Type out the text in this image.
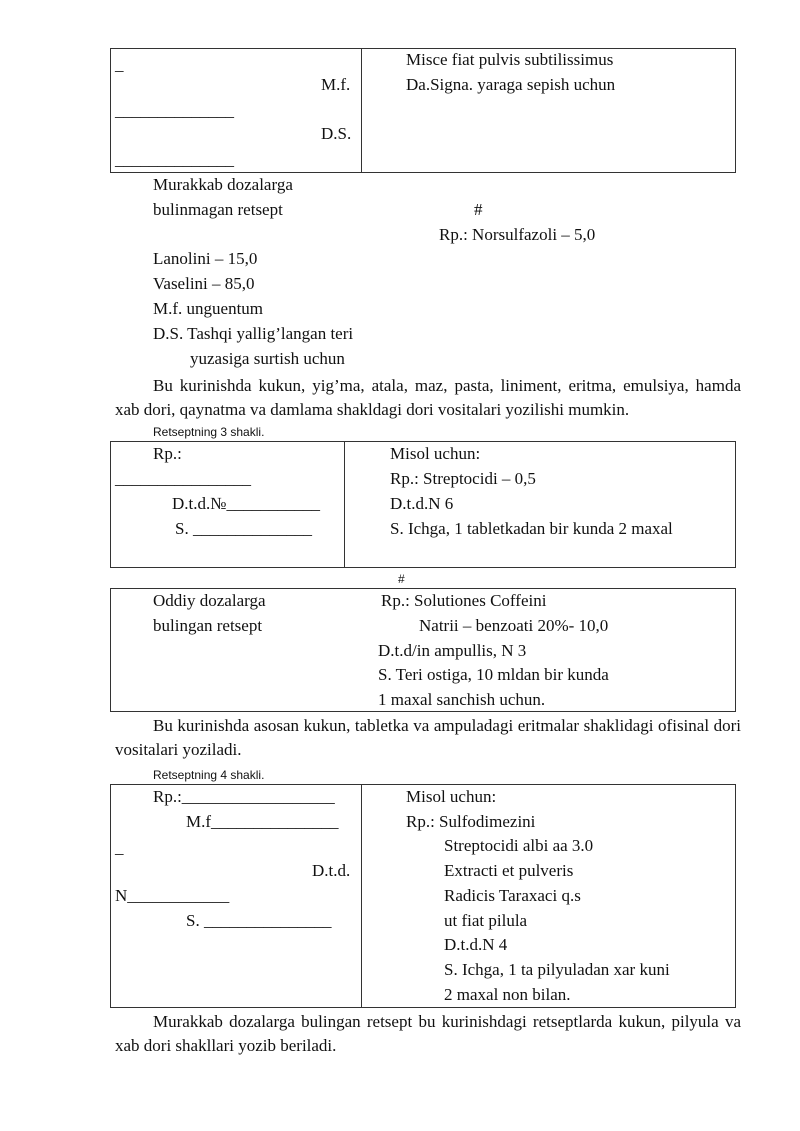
_
M.f.
______________
D.S.
______________
Misce fiat pulvis subtilissimus
Da.Signa. yaraga sepish uchun
Murakkab dozalarga
bulinmagan retsept	#
Rp.: Norsulfazoli – 5,0
Lanolini – 15,0
Vaselini – 85,0
M.f. unguentum
D.S. Tashqi yallig’langan teri
yuzasiga surtish uchun
Bu kurinishda kukun, yig’ma, atala, maz, pasta, liniment, eritma, emulsiya, hamda xab dori, qaynatma va damlama shakldagi dori vositalari yozilishi mumkin.
Retseptning 3 shakli.
Rp.:
________________
D.t.d.№___________
S. ______________
Misol uchun:
Rp.: Streptocidi – 0,5
D.t.d.N 6
S. Ichga, 1 tabletkadan bir kunda 2 maxal
#
Oddiy dozalarga
bulingan retsept
Rp.: Solutiones Coffeini
Natrii – benzoati 20%- 10,0
D.t.d/in ampullis, N 3
S. Teri ostiga, 10 mldan bir kunda
1 maxal sanchish uchun.
Bu kurinishda asosan kukun, tabletka va ampuladagi eritmalar shaklidagi ofisinal dori vositalari yoziladi.
Retseptning 4 shakli.
Rp.:__________________
M.f_______________
_
D.t.d.
N____________
S. _______________
Misol uchun:
Rp.: Sulfodimezini
Streptocidi albi aa 3.0
Extracti et pulveris
Radicis Taraxaci q.s
ut fiat pilula
D.t.d.N 4
S. Ichga, 1 ta pilyuladan xar kuni
2 maxal non bilan.
Murakkab dozalarga bulingan retsept bu kurinishdagi retseptlarda kukun, pilyula va xab dori shakllari yozib beriladi.
